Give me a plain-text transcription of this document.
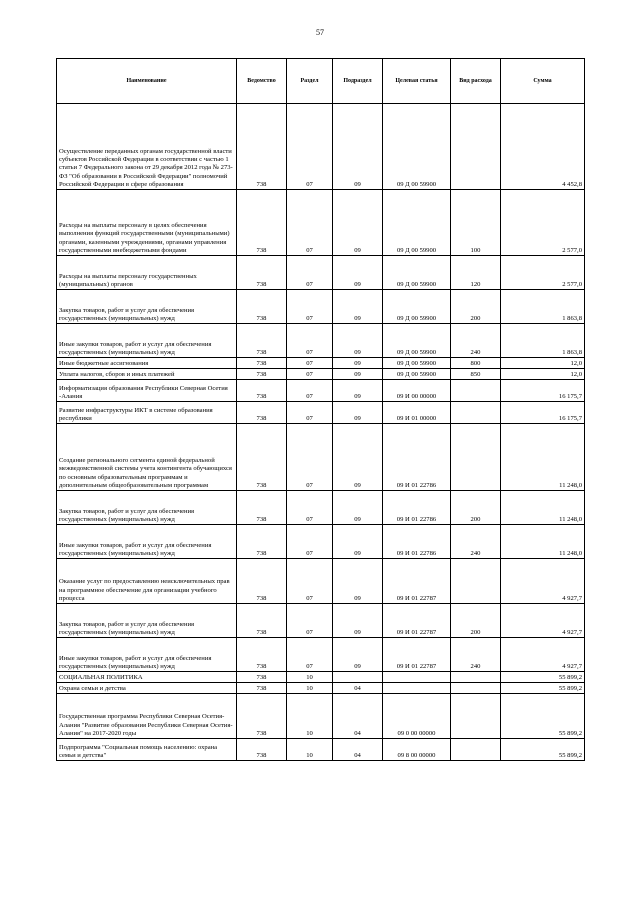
57
Наименование	Ведомство	Раздел	Подраздел	Целевая статья	Вид расхода	Сумма
Осуществление переданных органам государственной власти субъектов Российской Федерации в соответствии с частью 1 статьи 7 Федерального закона от 29 декабря 2012 года № 273-ФЗ "Об образовании в Российской Федерации" полномочий Российской Федерации в сфере образования	738	07	09	09 Д 00 59900		4 452,8
Расходы на выплаты персоналу в целях обеспечения выполнения функций государственными (муниципальными) органами, казенными учреждениями, органами управления государственными внебюджетными фондами	738	07	09	09 Д 00 59900	100	2 577,0
Расходы на выплаты персоналу государственных (муниципальных) органов	738	07	09	09 Д 00 59900	120	2 577,0
Закупка товаров, работ и услуг для обеспечения государственных (муниципальных) нужд	738	07	09	09 Д 00 59900	200	1 863,8
Иные закупки товаров, работ и услуг для обеспечения государственных (муниципальных) нужд	738	07	09	09 Д 00 59900	240	1 863,8
Иные бюджетные ассигнования	738	07	09	09 Д 00 59900	800	12,0
Уплата налогов, сборов и иных платежей	738	07	09	09 Д 00 59900	850	12,0
Информатизация образования Республики Северная Осетия -Алания	738	07	09	09 И 00 00000		16 175,7
Развитие инфраструктуры ИКТ в системе образования республики	738	07	09	09 И 01 00000		16 175,7
Создание регионального сегмента единой федеральной межведомственной системы учета контингента обучающихся по основным образовательным программам и дополнительным общеобразовательным программам	738	07	09	09 И 01 22786		11 248,0
Закупка товаров, работ и услуг для обеспечения государственных (муниципальных) нужд	738	07	09	09 И 01 22786	200	11 248,0
Иные закупки товаров, работ и услуг для обеспечения государственных (муниципальных) нужд	738	07	09	09 И 01 22786	240	11 248,0
Оказание услуг по предоставлению неисключительных прав на программное обеспечение для организации учебного процесса	738	07	09	09 И 01 22787		4 927,7
Закупка товаров, работ и услуг для обеспечения государственных (муниципальных) нужд	738	07	09	09 И 01 22787	200	4 927,7
Иные закупки товаров, работ и услуг для обеспечения государственных (муниципальных) нужд	738	07	09	09 И 01 22787	240	4 927,7
СОЦИАЛЬНАЯ ПОЛИТИКА	738	10				55 899,2
Охрана семьи и детства	738	10	04			55 899,2
Государственная программа Республики Северная Осетия-Алания "Развитие образования Республики Северная Осетия-Алания" на 2017-2020 годы	738	10	04	09 0 00 00000		55 899,2
Подпрограмма "Социальная помощь населению: охрана семьи и детства"	738	10	04	09 8 00 00000		55 899,2
